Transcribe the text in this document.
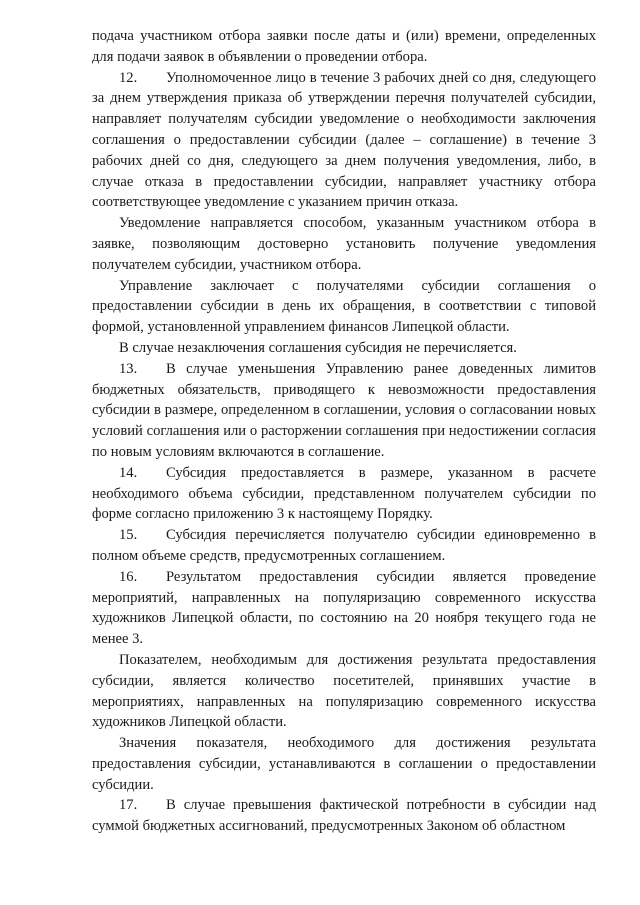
подача участником отбора заявки после даты и (или) времени, определенных для подачи заявок в объявлении о проведении отбора.

12. Уполномоченное лицо в течение 3 рабочих дней со дня, следующего за днем утверждения приказа об утверждении перечня получателей субсидии, направляет получателям субсидии уведомление о необходимости заключения соглашения о предоставлении субсидии (далее – соглашение) в течение 3 рабочих дней со дня, следующего за днем получения уведомления, либо, в случае отказа в предоставлении субсидии, направляет участнику отбора соответствующее уведомление с указанием причин отказа.

Уведомление направляется способом, указанным участником отбора в заявке, позволяющим достоверно установить получение уведомления получателем субсидии, участником отбора.

Управление заключает с получателями субсидии соглашения о предоставлении субсидии в день их обращения, в соответствии с типовой формой, установленной управлением финансов Липецкой области.

В случае незаключения соглашения субсидия не перечисляется.

13. В случае уменьшения Управлению ранее доведенных лимитов бюджетных обязательств, приводящего к невозможности предоставления субсидии в размере, определенном в соглашении, условия о согласовании новых условий соглашения или о расторжении соглашения при недостижении согласия по новым условиям включаются в соглашение.

14. Субсидия предоставляется в размере, указанном в расчете необходимого объема субсидии, представленном получателем субсидии по форме согласно приложению 3 к настоящему Порядку.

15. Субсидия перечисляется получателю субсидии единовременно в полном объеме средств, предусмотренных соглашением.

16. Результатом предоставления субсидии является проведение мероприятий, направленных на популяризацию современного искусства художников Липецкой области, по состоянию на 20 ноября текущего года не менее 3.

Показателем, необходимым для достижения результата предоставления субсидии, является количество посетителей, принявших участие в мероприятиях, направленных на популяризацию современного искусства художников Липецкой области.

Значения показателя, необходимого для достижения результата предоставления субсидии, устанавливаются в соглашении о предоставлении субсидии.

17. В случае превышения фактической потребности в субсидии над суммой бюджетных ассигнований, предусмотренных Законом об областном
